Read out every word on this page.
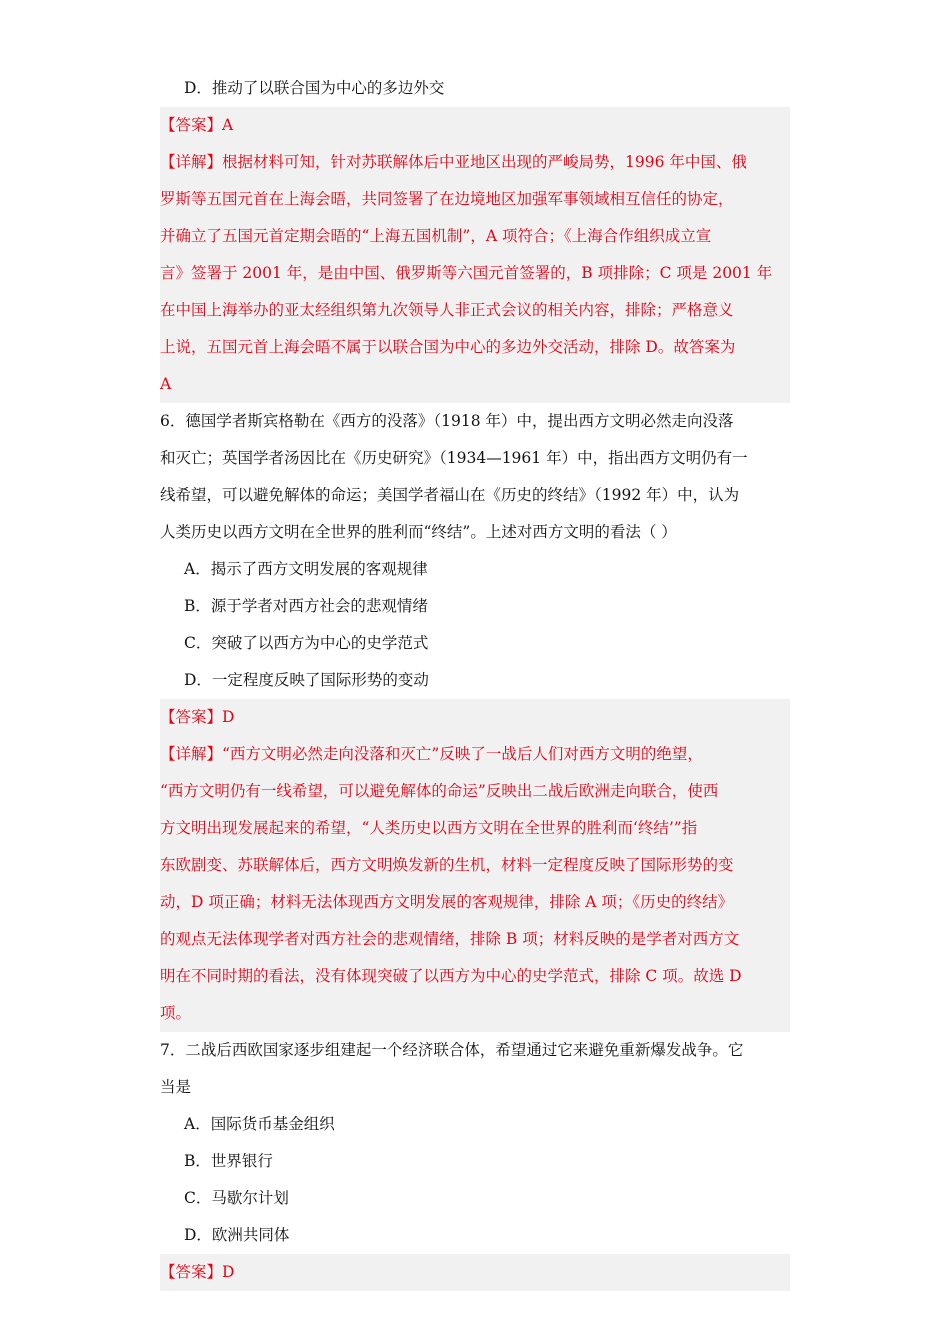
D．推动了以联合国为中心的多边外交
【答案】A
【详解】根据材料可知，针对苏联解体后中亚地区出现的严峻局势，1996 年中国、俄
罗斯等五国元首在上海会晤，共同签署了在边境地区加强军事领域相互信任的协定，
并确立了五国元首定期会晤的“上海五国机制”，A 项符合；《上海合作组织成立宣
言》签署于 2001 年，是由中国、俄罗斯等六国元首签署的，B 项排除；C 项是 2001 年
在中国上海举办的亚太经组织第九次领导人非正式会议的相关内容，排除；严格意义
上说，五国元首上海会晤不属于以联合国为中心的多边外交活动，排除 D。故答案为
A
6．德国学者斯宾格勒在《西方的没落》（1918 年）中，提出西方文明必然走向没落
和灭亡；英国学者汤因比在《历史研究》（1934—1961 年）中，指出西方文明仍有一
线希望，可以避免解体的命运；美国学者福山在《历史的终结》（1992 年）中，认为
人类历史以西方文明在全世界的胜利而“终结”。上述对西方文明的看法（ ）
A．揭示了西方文明发展的客观规律
B．源于学者对西方社会的悲观情绪
C．突破了以西方为中心的史学范式
D．一定程度反映了国际形势的变动
【答案】D
【详解】“西方文明必然走向没落和灭亡”反映了一战后人们对西方文明的绝望，
“西方文明仍有一线希望，可以避免解体的命运”反映出二战后欧洲走向联合，使西
方文明出现发展起来的希望，“人类历史以西方文明在全世界的胜利而‘终结’”指
东欧剧变、苏联解体后，西方文明焕发新的生机，材料一定程度反映了国际形势的变
动，D 项正确；材料无法体现西方文明发展的客观规律，排除 A 项；《历史的终结》
的观点无法体现学者对西方社会的悲观情绪，排除 B 项；材料反映的是学者对西方文
明在不同时期的看法，没有体现突破了以西方为中心的史学范式，排除 C 项。故选 D
项。
7．二战后西欧国家逐步组建起一个经济联合体，希望通过它来避免重新爆发战争。它
当是
A．国际货币基金组织
B．世界银行
C．马歇尔计划
D．欧洲共同体
【答案】D
